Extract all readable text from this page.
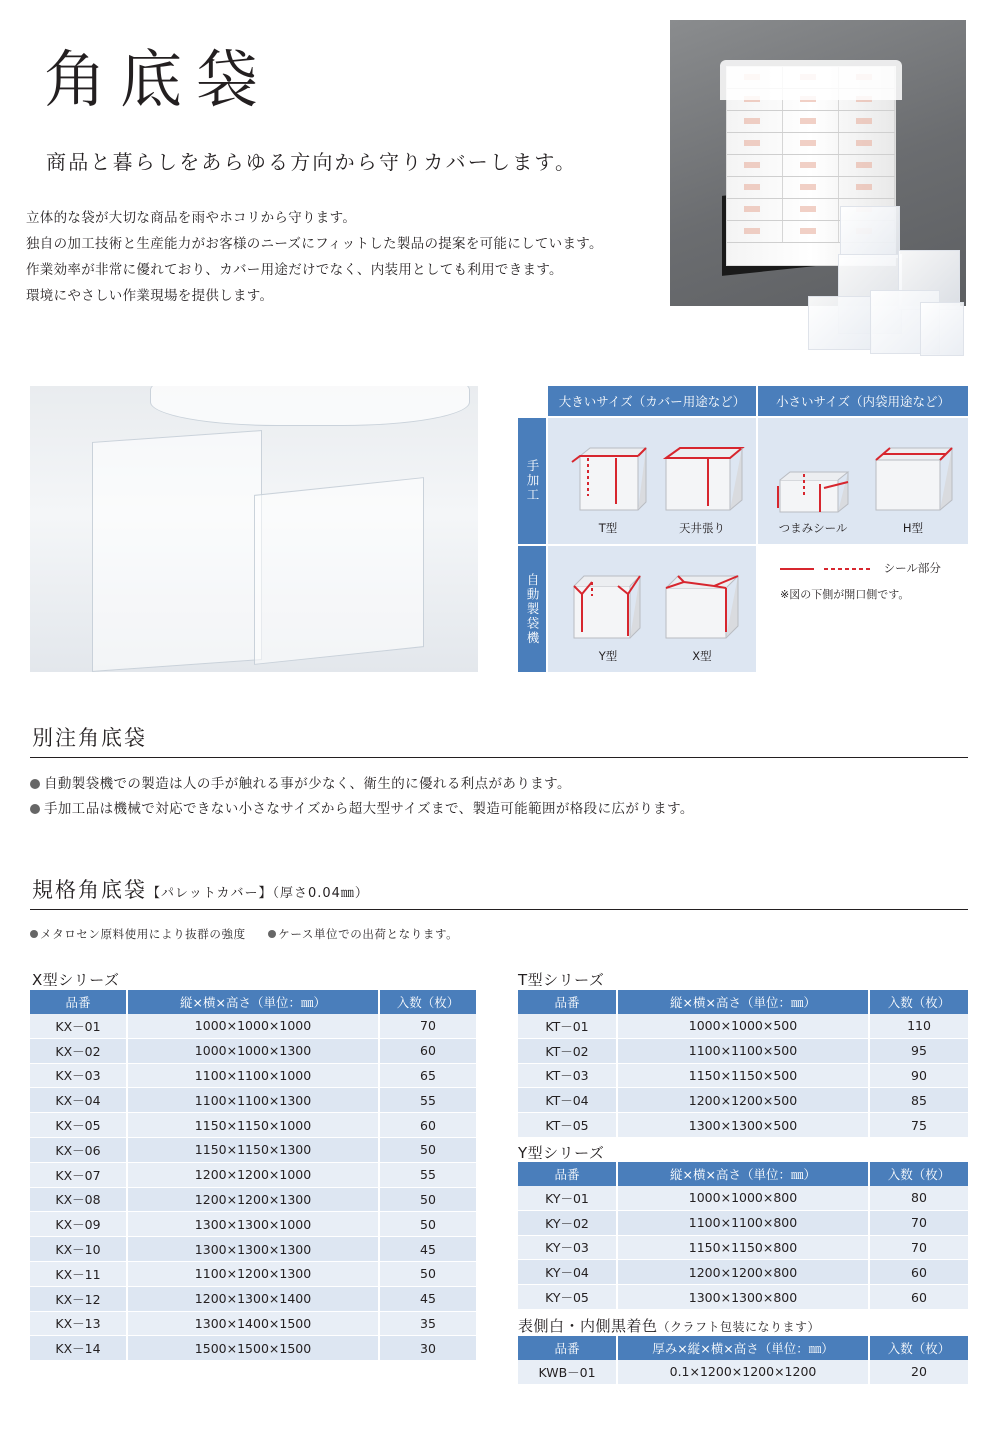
角底袋
商品と暮らしをあらゆる方向から守りカバーします。
立体的な袋が大切な商品を雨やホコリから守ります。
独自の加工技術と生産能力がお客様のニーズにフィットした製品の提案を可能にしています。
作業効率が非常に優れており、カバー用途だけでなく、内装用としても利用できます。
環境にやさしい作業現場を提供します。
大きいサイズ（カバー用途など）	小さいサイズ（内袋用途など）
手加工
自動製袋機
T型	天井張り	つまみシール	H型
Y型	X型
シール部分
※図の下側が開口側です。
別注角底袋
自動製袋機での製造は人の手が触れる事が少なく、衛生的に優れる利点があります。
手加工品は機械で対応できない小さなサイズから超大型サイズまで、製造可能範囲が格段に広がります。
規格角底袋【パレットカバー】（厚さ0.04㎜）
メタロセン原料使用により抜群の強度	ケース単位での出荷となります。
X型シリーズ
品番	縦×横×高さ（単位：㎜）	入数（枚）
KX－01	1000×1000×1000	70
KX－02	1000×1000×1300	60
KX－03	1100×1100×1000	65
KX－04	1100×1100×1300	55
KX－05	1150×1150×1000	60
KX－06	1150×1150×1300	50
KX－07	1200×1200×1000	55
KX－08	1200×1200×1300	50
KX－09	1300×1300×1000	50
KX－10	1300×1300×1300	45
KX－11	1100×1200×1300	50
KX－12	1200×1300×1400	45
KX－13	1300×1400×1500	35
KX－14	1500×1500×1500	30
T型シリーズ
品番	縦×横×高さ（単位：㎜）	入数（枚）
KT－01	1000×1000×500	110
KT－02	1100×1100×500	95
KT－03	1150×1150×500	90
KT－04	1200×1200×500	85
KT－05	1300×1300×500	75
Y型シリーズ
品番	縦×横×高さ（単位：㎜）	入数（枚）
KY－01	1000×1000×800	80
KY－02	1100×1100×800	70
KY－03	1150×1150×800	70
KY－04	1200×1200×800	60
KY－05	1300×1300×800	60
表側白・内側黒着色（クラフト包装になります）
品番	厚み×縦×横×高さ（単位：㎜）	入数（枚）
KWB－01	0.1×1200×1200×1200	20
